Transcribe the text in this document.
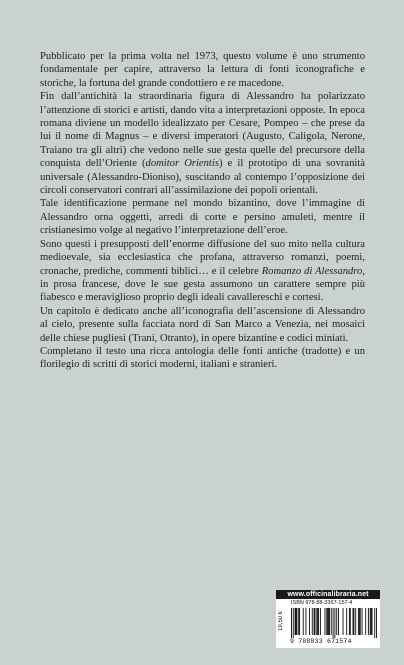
Pubblicato per la prima volta nel 1973, questo volume è uno strumento fondamentale per capire, attraverso la lettura di fonti iconografiche e storiche, la fortuna del grande condottiero e re macedone.

Fin dall’antichità la straordinaria figura di Alessandro ha polarizzato l’attenzione di storici e artisti, dando vita a interpretazioni opposte. In epoca romana diviene un modello idealizzato per Cesare, Pompeo – che prese da lui il nome di Magnus – e diversi imperatori (Augusto, Caligola, Nerone, Traiano tra gli altri) che vedono nelle sue gesta quelle del precursore della conquista dell’Oriente (domitor Orientis) e il prototipo di una sovranità universale (Alessandro-Dioniso), suscitando al contempo l’opposizione dei circoli conservatori contrari all’assimilazione dei popoli orientali.

Tale identificazione permane nel mondo bizantino, dove l’immagine di Alessandro orna oggetti, arredi di corte e persino amuleti, mentre il cristianesimo volge al negativo l’interpretazione dell’eroe.

Sono questi i presupposti dell’enorme diffusione del suo mito nella cultura medioevale, sia ecclesiastica che profana, attraverso romanzi, poemi, cronache, prediche, commenti biblici… e il celebre Romanzo di Alessandro, in prosa francese, dove le sue gesta assumono un carattere sempre più fiabesco e meraviglioso proprio degli ideali cavallereschi e cortesi.

Un capitolo è dedicato anche all’iconografia dell’ascensione di Alessandro al cielo, presente sulla facciata nord di San Marco a Venezia, nei mosaici delle chiese pugliesi (Trani, Otranto), in opere bizantine e codici miniati.

Completano il testo una ricca antologia delle fonti antiche (tradotte) e un florilegio di scritti di storici moderni, italiani e stranieri.

www.officinalibraria.net
ISBN 978-88-3367-157-4
19,50 €
9 788833 671574
